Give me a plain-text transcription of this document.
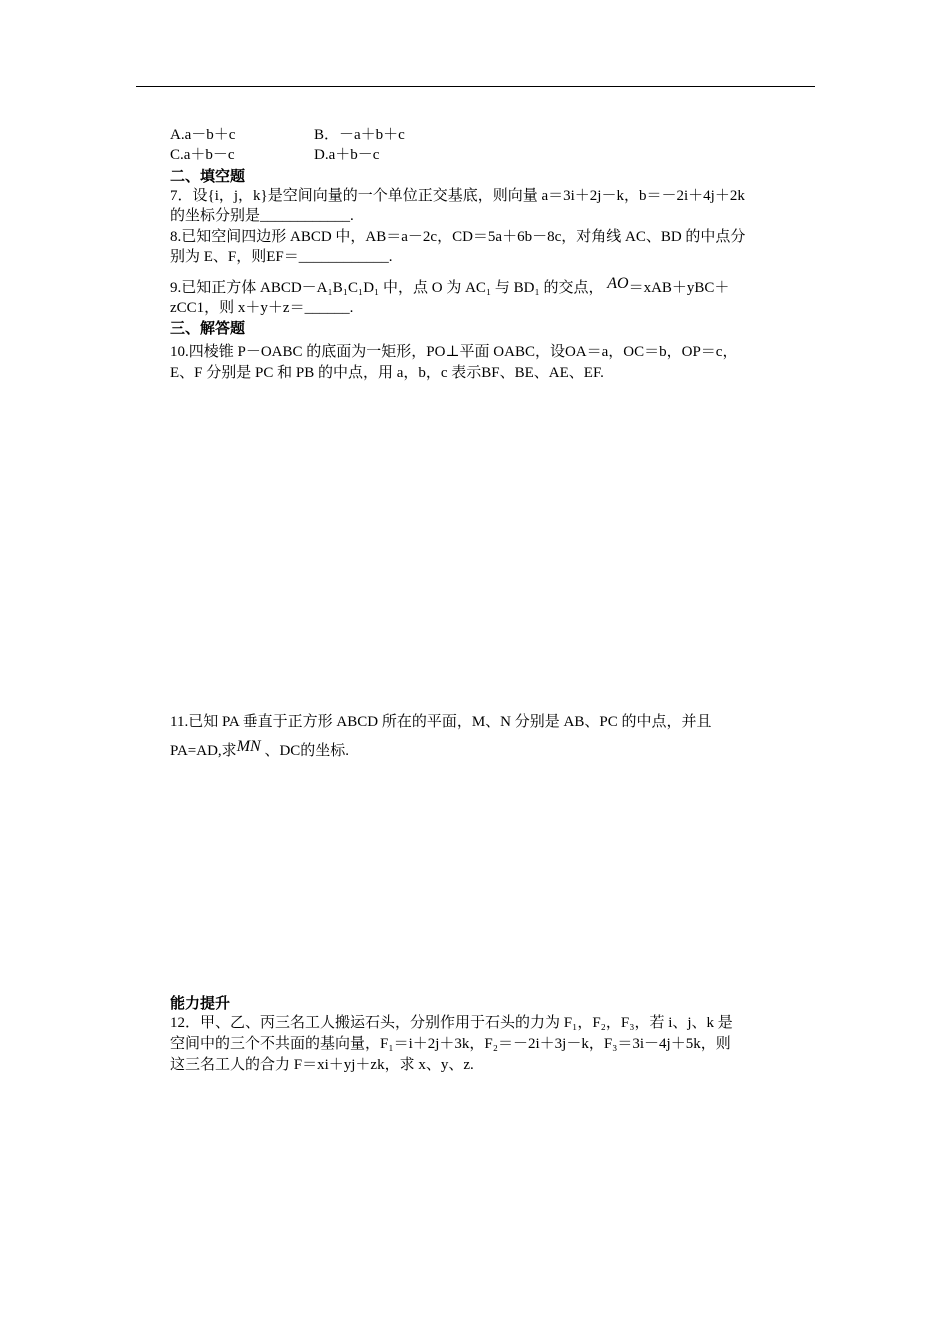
A.a－b＋c	B．－a＋b＋c
C.a＋b－c	D.a＋b－c
二、填空题
7．设{i，j，k}是空间向量的一个单位正交基底，则向量 a＝3i＋2j－k，b＝－2i＋4j＋2k
的坐标分别是____________.
8.已知空间四边形 ABCD 中，AB＝a－2c，CD＝5a＋6b－8c，对角线 AC、BD 的中点分
别为 E、F，则EF＝____________.
9.已知正方体 ABCD－A₁B₁C₁D₁ 中，点 O 为 AC₁ 与 BD₁ 的交点， AO＝xAB＋yBC＋
zCC1，则 x＋y＋z＝______.
三、解答题
10.四棱锥 P－OABC 的底面为一矩形，PO⊥平面 OABC，设OA＝a，OC＝b，OP＝c，
E、F 分别是 PC 和 PB 的中点，用 a，b，c 表示BF、BE、AE、EF.
11.已知 PA 垂直于正方形 ABCD 所在的平面，M、N 分别是 AB、PC 的中点，并且
PA=AD,求MN 、DC的坐标.
能力提升
12．甲、乙、丙三名工人搬运石头，分别作用于石头的力为 F₁，F₂，F₃，若 i、j、k 是
空间中的三个不共面的基向量，F₁＝i＋2j＋3k，F₂＝－2i＋3j－k，F₃＝3i－4j＋5k，则
这三名工人的合力 F＝xi＋yj＋zk，求 x、y、z.
